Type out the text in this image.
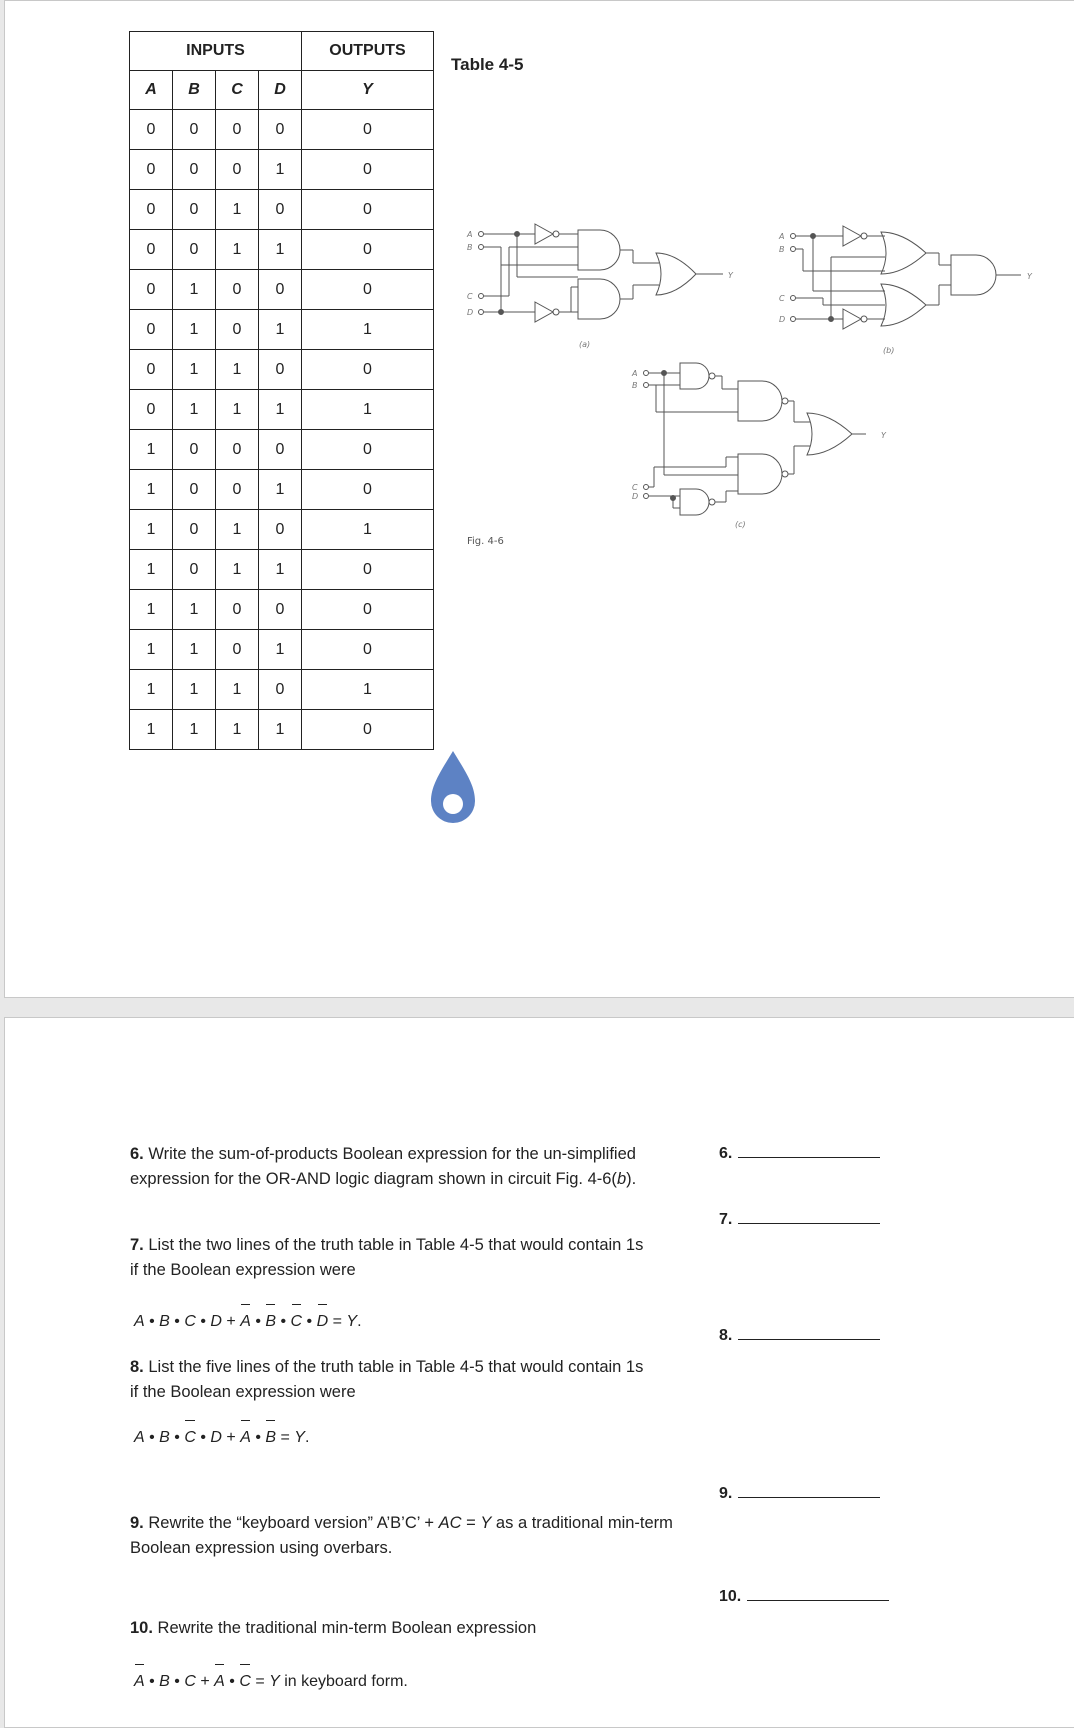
INPUTS				OUTPUTS
A	B	C	D	Y
0	0	0	0	0
0	0	0	1	0
0	0	1	0	0
0	0	1	1	0
0	1	0	0	0
0	1	0	1	1
0	1	1	0	0
0	1	1	1	1
1	0	0	0	0
1	0	0	1	0
1	0	1	0	1
1	0	1	1	0
1	1	0	0	0
1	1	0	1	0
1	1	1	0	1
1	1	1	1	0
Table 4-5
A
B
C
D
Y
(a)
A
B
C
D
Y
(b)
A
B
C
D
Y
(c)
Fig. 4-6
6. Write the sum-of-products Boolean expression for the un-simplified expression for the OR-AND logic diagram shown in circuit Fig. 4-6(b).
7. List the two lines of the truth table in Table 4-5 that would contain 1s if the Boolean expression were
A • B • C • D + A • B • C • D = Y.
8. List the five lines of the truth table in Table 4-5 that would contain 1s if the Boolean expression were
A • B • C • D + A • B = Y.
9. Rewrite the “keyboard version” A’B’C’ + AC = Y as a traditional min-term Boolean expression using overbars.
10. Rewrite the traditional min-term Boolean expression
A • B • C + A • C = Y in keyboard form.
6.
7.
8.
9.
10.
